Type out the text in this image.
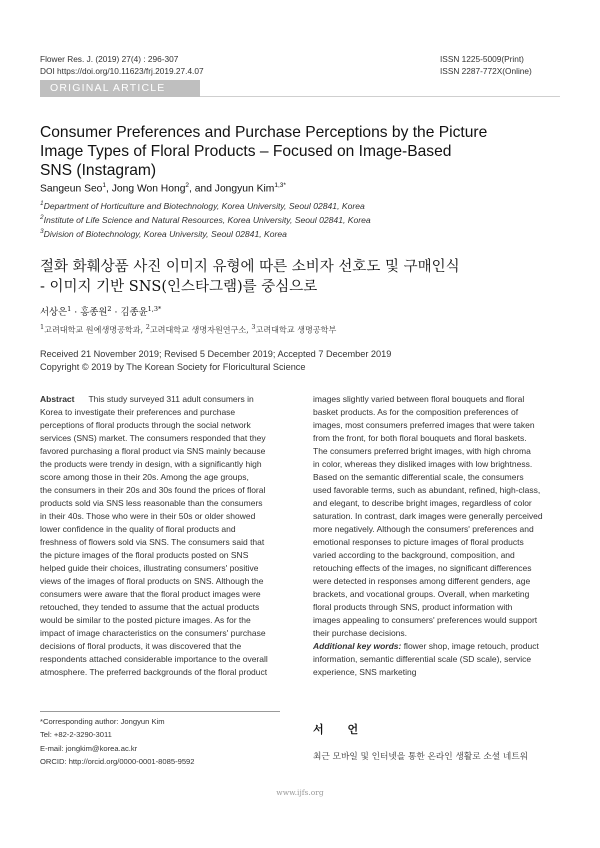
Flower Res. J. (2019) 27(4) : 296-307
DOI https://doi.org/10.11623/frj.2019.27.4.07
ISSN 1225-5009(Print)
ISSN 2287-772X(Online)
ORIGINAL ARTICLE
Consumer Preferences and Purchase Perceptions by the Picture
Image Types of Floral Products – Focused on Image-Based
SNS (Instagram)
Sangeun Seo$^1$, Jong Won Hong$^2$, and Jongyun Kim$^{1,3*}$
$^1$Department of Horticulture and Biotechnology, Korea University, Seoul 02841, Korea
$^2$Institute of Life Science and Natural Resources, Korea University, Seoul 02841, Korea
$^3$Division of Biotechnology, Korea University, Seoul 02841, Korea
절화 화훼상품 사진 이미지 유형에 따른 소비자 선호도 및 구매인식
- 이미지 기반 SNS(인스타그램)를 중심으로
서상은$^1$ · 홍종원$^2$ · 김종윤$^{1,3*}$
$^1$고려대학교 원예생명공학과, $^2$고려대학교 생명자원연구소, $^3$고려대학교 생명공학부
Received 21 November 2019; Revised 5 December 2019; Accepted 7 December 2019
Copyright © 2019 by The Korean Society for Floricultural Science
Abstract This study surveyed 311 adult consumers in
Korea to investigate their preferences and purchase
perceptions of floral products through the social network
services (SNS) market. The consumers responded that they
favored purchasing a floral product via SNS mainly because
the products were trendy in design, with a significantly high
score among those in their 20s. Among the age groups,
the consumers in their 20s and 30s found the prices of floral
products sold via SNS less reasonable than the consumers
in their 40s. Those who were in their 50s or older showed
lower confidence in the quality of floral products and
freshness of flowers sold via SNS. The consumers said that
the picture images of the floral products posted on SNS
helped guide their choices, illustrating consumers' positive
views of the images of floral products on SNS. Although the
consumers were aware that the floral product images were
retouched, they tended to assume that the actual products
would be similar to the posted picture images. As for the
impact of image characteristics on the consumers' purchase
decisions of floral products, it was discovered that the
respondents attached considerable importance to the overall
atmosphere. The preferred backgrounds of the floral product
images slightly varied between floral bouquets and floral
basket products. As for the composition preferences of
images, most consumers preferred images that were taken
from the front, for both floral bouquets and floral baskets.
The consumers preferred bright images, with high chroma
in color, whereas they disliked images with low brightness.
Based on the semantic differential scale, the consumers
used favorable terms, such as abundant, refined, high-class,
and elegant, to describe bright images, regardless of color
saturation. In contrast, dark images were generally perceived
more negatively. Although the consumers' preferences and
emotional responses to picture images of floral products
varied according to the background, composition, and
retouching effects of the images, no significant differences
were detected in responses among different genders, age
brackets, and vocational groups. Overall, when marketing
floral products through SNS, product information with
images appealing to consumers' preferences would support
their purchase decisions.
Additional key words: flower shop, image retouch, product
information, semantic differential scale (SD scale), service
experience, SNS marketing
*Corresponding author: Jongyun Kim
Tel: +82-2-3290-3011
E-mail: jongkim@korea.ac.kr
ORCID: http://orcid.org/0000-0001-8085-9592
서 언
최근 모바일 및 인터넷을 통한 온라인 생활로 소셜 네트워
www.ijfs.org
